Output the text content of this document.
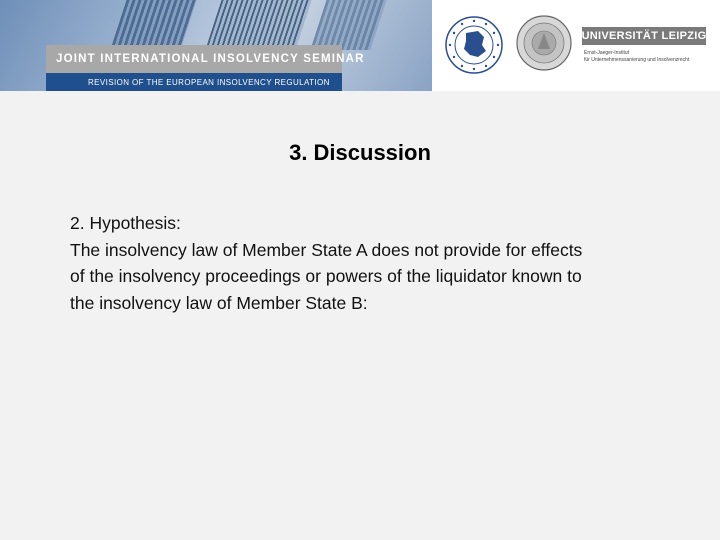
JOINT INTERNATIONAL INSOLVENCY SEMINAR
REVISION OF THE EUROPEAN INSOLVENCY REGULATION
UNIVERSITÄT LEIPZIG
Ernst-Jaeger-Institut
für Unternehmenssanierung und Insolvenzrecht
3. Discussion
2. Hypothesis:
The insolvency law of Member State A does not provide for effects
of the insolvency proceedings or powers of the liquidator known to
the insolvency law of Member State B:
